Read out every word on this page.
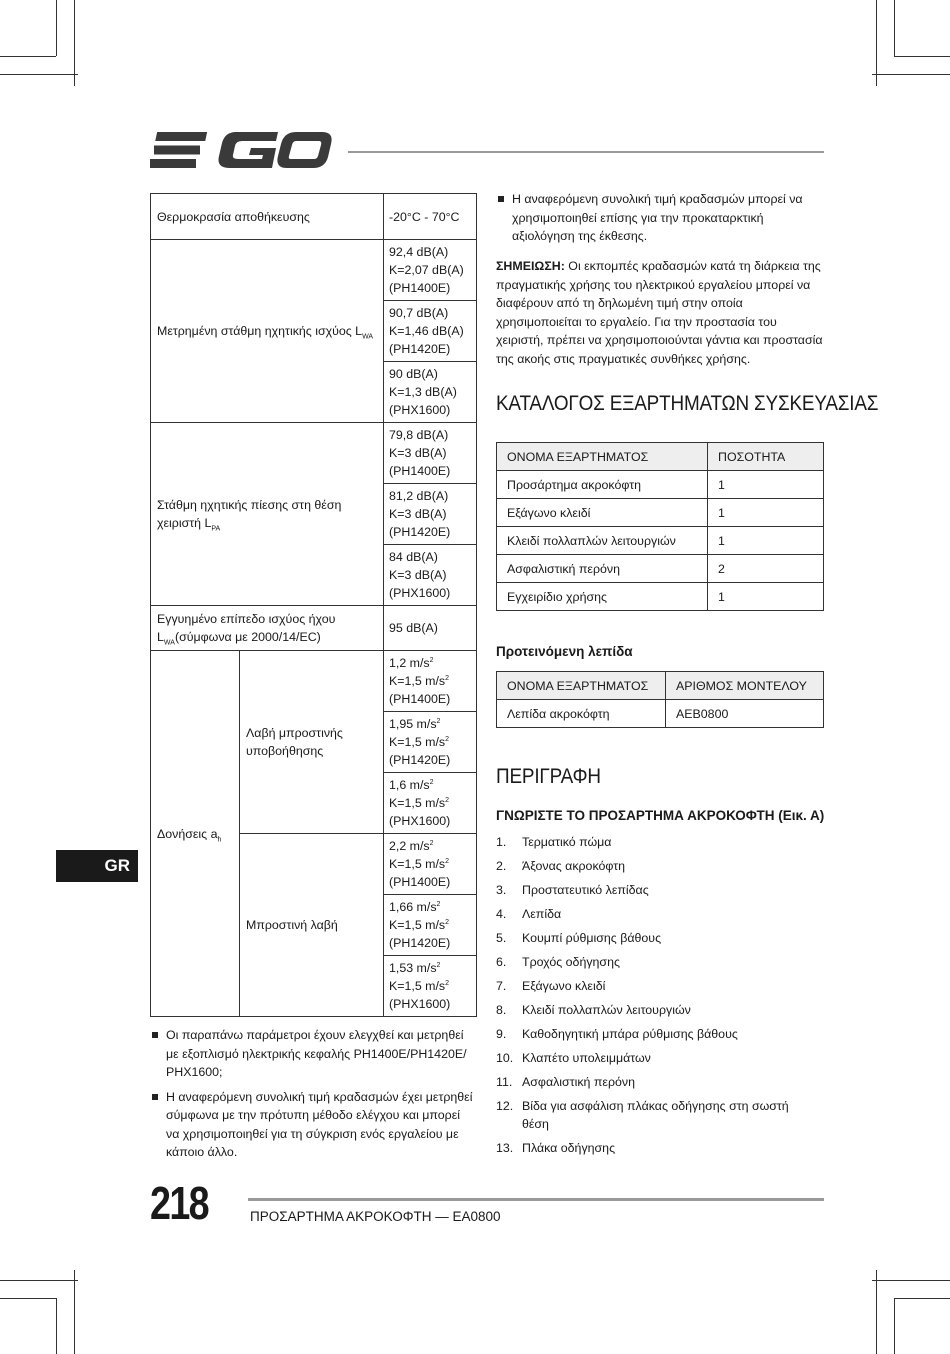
EGO
Θερμοκρασία αποθήκευσης		-20°C - 70°C
Μετρημένη στάθμη ηχητικής ισχύος $L_{WA}$		92,4 dB(A)
K=2,07 dB(A)
(PH1400E)

		90,7 dB(A)
K=1,46 dB(A)
(PH1420E)

		90 dB(A)
K=1,3 dB(A)
(PHX1600)

Στάθμη ηχητικής πίεσης στη θέση χειριστή $L_{PA}$		79,8 dB(A)
K=3 dB(A)
(PH1400E)

		81,2 dB(A)
K=3 dB(A)
(PH1420E)

		84 dB(A)
K=3 dB(A)
(PHX1600)

Εγγυημένο επίπεδο ισχύος ήχου
$L_{WA}(\sigma ύ\mu\varphi\omega\nu\alpha$ με 2000/14/EC)		95 dB(A)
Δονήσεις $a_h$	Λαβή μπροστινής υποβοήθησης	1,2 $m/s^2$
K=1,5 $m/s^2$
(PH1400E)

		1,95 $m/s^2$
K=1,5 $m/s^2$
(PH1420E)

		1,6 $m/s^2$
K=1,5 $m/s^2$
(PHX1600)

	Μπροστινή λαβή	2,2 $m/s^2$
K=1,5 $m/s^2$
(PH1400E)

		1,66 $m/s^2$
K=1,5 $m/s^2$
(PH1420E)

		1,53 $m/s^2$
K=1,5 $m/s^2$
(PHX1600)
Οι παραπάνω παράμετροι έχουν ελεγχθεί και μετρηθεί με εξοπλισμό ηλεκτρικής κεφαλής PH1400E/PH1420E/ PHX1600;
Η αναφερόμενη συνολική τιμή κραδασμών έχει μετρηθεί σύμφωνα με την πρότυπη μέθοδο ελέγχου και μπορεί να χρησιμοποιηθεί για τη σύγκριση ενός εργαλείου με κάποιο άλλο.
Η αναφερόμενη συνολική τιμή κραδασμών μπορεί να χρησιμοποιηθεί επίσης για την προκαταρκτική αξιολόγηση της έκθεσης.
ΣΗΜΕΙΩΣΗ: Οι εκπομπές κραδασμών κατά τη διάρκεια της πραγματικής χρήσης του ηλεκτρικού εργαλείου μπορεί να διαφέρουν από τη δηλωμένη τιμή στην οποία χρησιμοποιείται το εργαλείο. Για την προστασία του χειριστή, πρέπει να χρησιμοποιούνται γάντια και προστασία της ακοής στις πραγματικές συνθήκες χρήσης.
ΚΑΤΑΛΟΓΟΣ ΕΞΑΡΤΗΜΑΤΩΝ ΣΥΣΚΕΥΑΣΙΑΣ
ΟΝΟΜΑ ΕΞΑΡΤΗΜΑΤΟΣ	ΠΟΣΟΤΗΤΑ
Προσάρτημα ακροκόφτη	1
Εξάγωνο κλειδί	1
Κλειδί πολλαπλών λειτουργιών	1
Ασφαλιστική περόνη	2
Εγχειρίδιο χρήσης	1
Προτεινόμενη λεπίδα
ΟΝΟΜΑ ΕΞΑΡΤΗΜΑΤΟΣ	ΑΡΙΘΜΟΣ ΜΟΝΤΕΛΟΥ
Λεπίδα ακροκόφτη	AEB0800
ΠΕΡΙΓΡΑΦΗ
ΓΝΩΡΙΣΤΕ ΤΟ ΠΡΟΣΑΡΤΗΜΑ ΑΚΡΟΚΟΦΤΗ (Εικ. Α)
1. Τερματικό πώμα
2. Άξονας ακροκόφτη
3. Προστατευτικό λεπίδας
4. Λεπίδα
5. Κουμπί ρύθμισης βάθους
6. Τροχός οδήγησης
7. Εξάγωνο κλειδί
8. Κλειδί πολλαπλών λειτουργιών
9. Καθοδηγητική μπάρα ρύθμισης βάθους
10. Κλαπέτο υπολειμμάτων
11. Ασφαλιστική περόνη
12. Βίδα για ασφάλιση πλάκας οδήγησης στη σωστή θέση
13. Πλάκα οδήγησης
GR
218	ΠΡΟΣΑΡΤΗΜΑ ΑΚΡΟΚΟΦΤΗ — EA0800
